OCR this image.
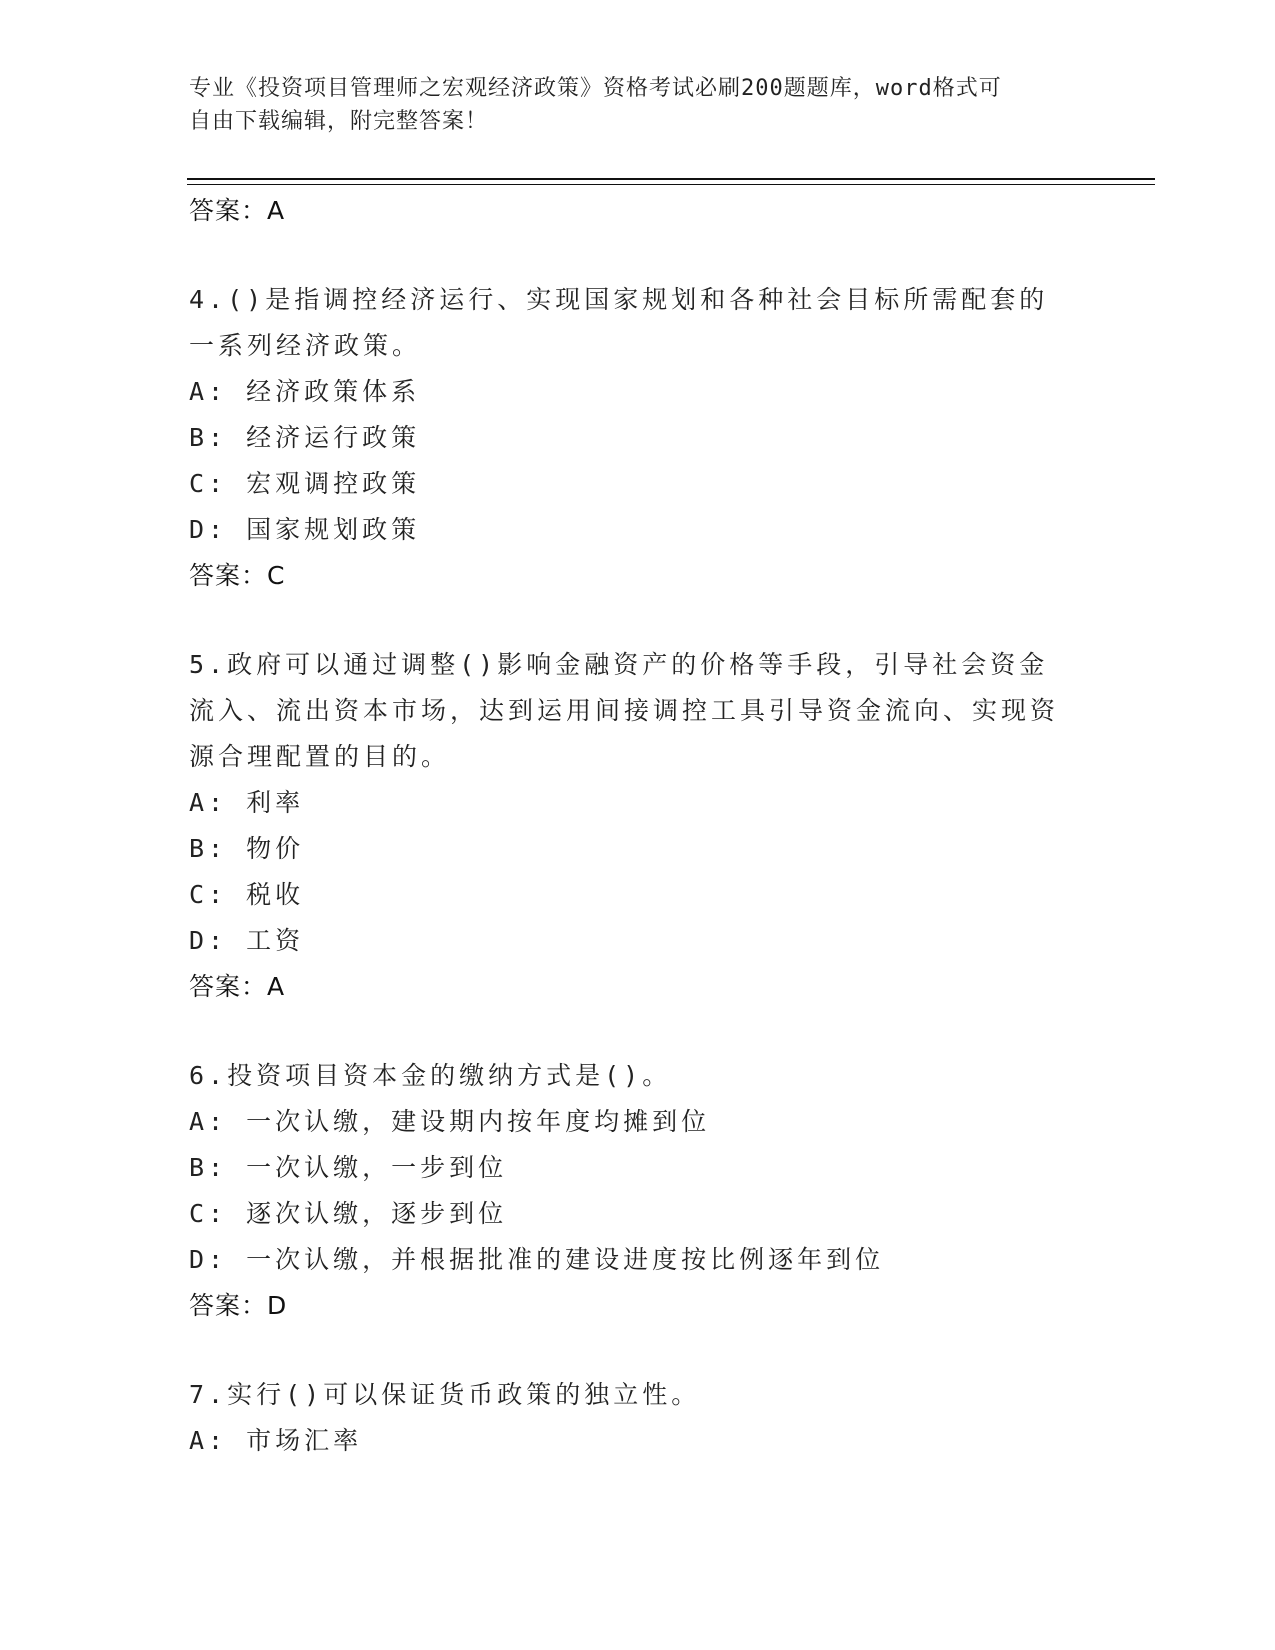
专业《投资项目管理师之宏观经济政策》资格考试必刷200题题库，word格式可
自由下载编辑，附完整答案！
答案：A

4.()是指调控经济运行、实现国家规划和各种社会目标所需配套的一系列经济政策。

A: 经济政策体系
B: 经济运行政策
C: 宏观调控政策
D: 国家规划政策
答案：C

5.政府可以通过调整()影响金融资产的价格等手段，引导社会资金流入、流出资本市场，达到运用间接调控工具引导资金流向、实现资源合理配置的目的。

A: 利率
B: 物价
C: 税收
D: 工资
答案：A

6.投资项目资本金的缴纳方式是()。

A: 一次认缴，建设期内按年度均摊到位
B: 一次认缴，一步到位
C: 逐次认缴，逐步到位
D: 一次认缴，并根据批准的建设进度按比例逐年到位
答案：D

7.实行()可以保证货币政策的独立性。

A: 市场汇率
